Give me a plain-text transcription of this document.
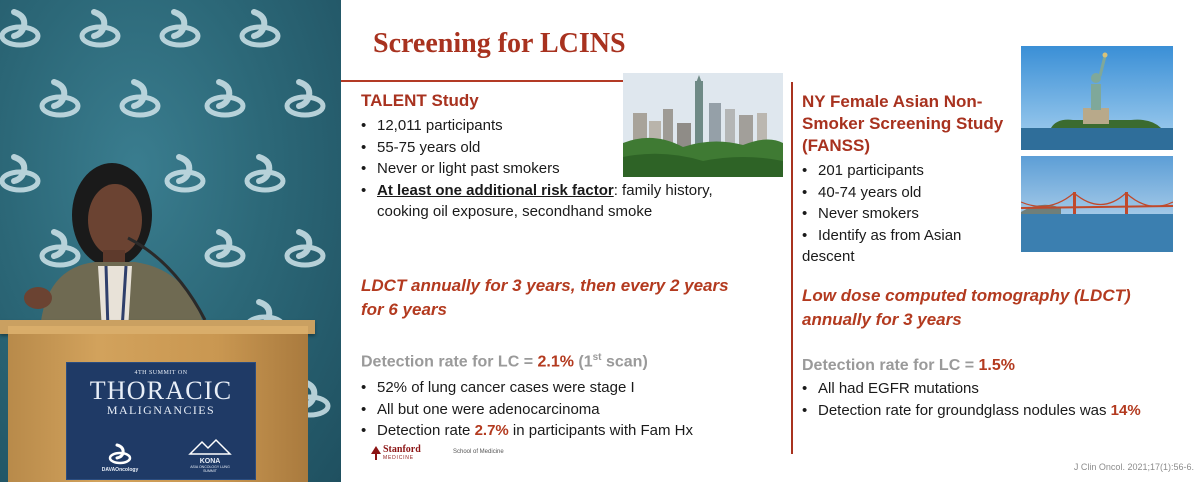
4TH SUMMIT ON
THORACIC
MALIGNANCIES
DAVAOncology
KONA
ASIA ONCOLOGY LUNG SUMMIT
Screening for LCINS
TALENT Study
• 12,011 participants
• 55-75 years old
• Never or light past smokers
• At least one additional risk factor: family history, cooking oil exposure, secondhand smoke
LDCT annually for 3 years, then every 2 years for 6 years
Detection rate for LC = 2.1% (1st scan)
• 52% of lung cancer cases were stage I
• All but one were adenocarcinoma
• Detection rate 2.7% in participants with Fam Hx
NY Female Asian Non-Smoker Screening Study (FANSS)
• 201 participants
• 40-74 years old
• Never smokers
• Identify as from Asian
descent
Low dose computed tomography (LDCT) annually for 3 years
Detection rate for LC = 1.5%
• All had EGFR mutations
• Detection rate for groundglass nodules was 14%
Stanford
MEDICINE
School of Medicine
J Clin Oncol. 2021;17(1):56-6.
